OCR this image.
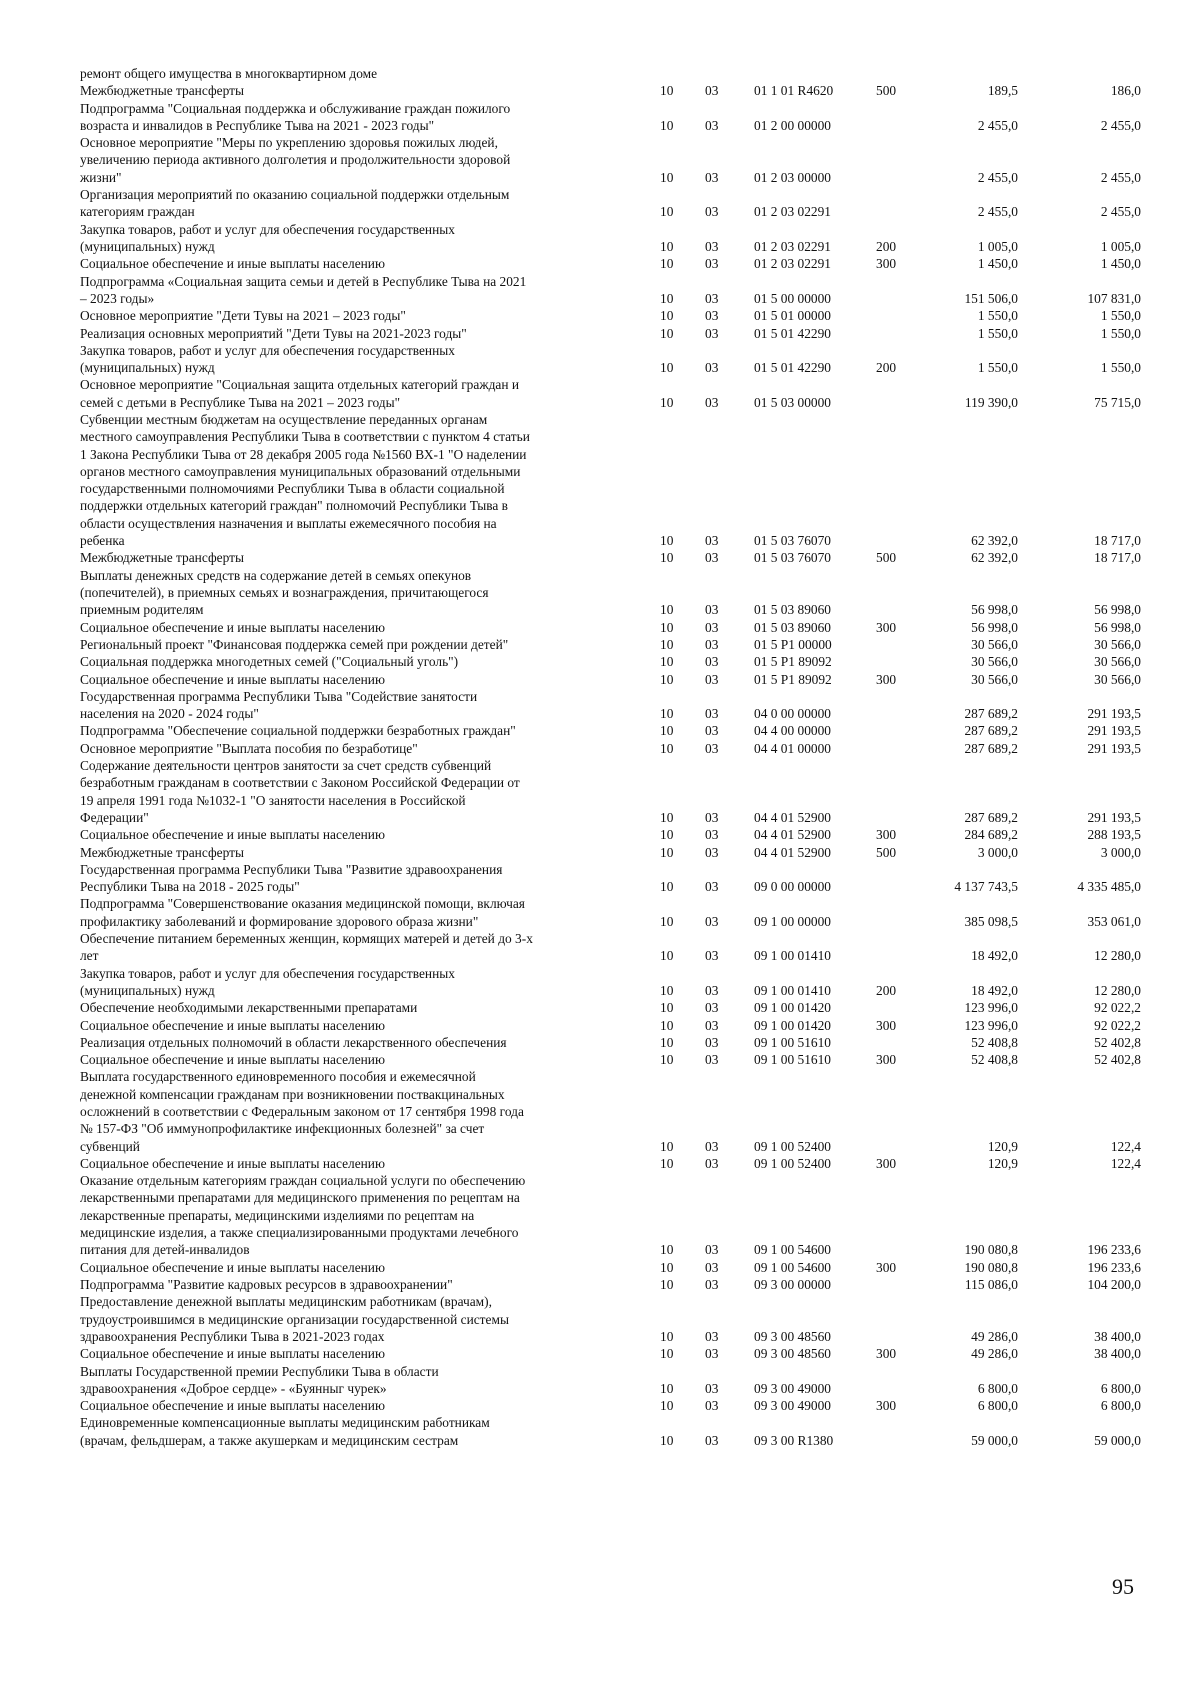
ремонт общего имущества в многоквартирном доме
Межбюджетные трансферты	10 03	01 1 01 R4620	500	189,5	186,0
Подпрограмма "Социальная поддержка и обслуживание граждан пожилого
возраста и инвалидов в Республике Тыва на 2021 - 2023 годы"	10 03	01 2 00 00000	2 455,0	2 455,0
Основное мероприятие "Меры по укреплению здоровья пожилых людей,
увеличению периода активного долголетия и продолжительности здоровой
жизни"	10 03	01 2 03 00000	2 455,0	2 455,0
Организация мероприятий по оказанию социальной поддержки отдельным
категориям граждан	10 03	01 2 03 02291	2 455,0	2 455,0
Закупка товаров, работ и услуг для обеспечения государственных
(муниципальных) нужд	10 03	01 2 03 02291	200	1 005,0	1 005,0
Социальное обеспечение и иные выплаты населению	10 03	01 2 03 02291	300	1 450,0	1 450,0
Подпрограмма «Социальная защита семьи и детей в Республике Тыва на 2021
– 2023 годы»	10 03	01 5 00 00000	151 506,0	107 831,0
Основное мероприятие "Дети Тувы на 2021 – 2023 годы"	10 03	01 5 01 00000	1 550,0	1 550,0
Реализация основных мероприятий "Дети Тувы на 2021-2023 годы"	10 03	01 5 01 42290	1 550,0	1 550,0
Закупка товаров, работ и услуг для обеспечения государственных
(муниципальных) нужд	10 03	01 5 01 42290	200	1 550,0	1 550,0
Основное мероприятие "Социальная защита отдельных категорий граждан и
семей с детьми в Республике Тыва на 2021 – 2023 годы"	10 03	01 5 03 00000	119 390,0	75 715,0
Субвенции местным бюджетам на осуществление переданных органам
местного самоуправления Республики Тыва в соответствии с пунктом 4 статьи
1 Закона Республики Тыва от 28 декабря 2005 года №1560 ВХ-1 "О наделении
органов местного самоуправления муниципальных образований отдельными
государственными полномочиями Республики Тыва в области социальной
поддержки отдельных категорий граждан" полномочий Республики Тыва в
области осуществления назначения и выплаты ежемесячного пособия на
ребенка	10 03	01 5 03 76070	62 392,0	18 717,0
Межбюджетные трансферты	10 03	01 5 03 76070	500	62 392,0	18 717,0
Выплаты денежных средств на содержание детей в семьях опекунов
(попечителей), в приемных семьях и вознаграждения, причитающегося
приемным родителям	10 03	01 5 03 89060	56 998,0	56 998,0
Социальное обеспечение и иные выплаты населению	10 03	01 5 03 89060	300	56 998,0	56 998,0
Региональный проект "Финансовая поддержка семей при рождении детей"	10 03	01 5 P1 00000	30 566,0	30 566,0
Социальная поддержка многодетных семей ("Социальный уголь")	10 03	01 5 P1 89092	30 566,0	30 566,0
Социальное обеспечение и иные выплаты населению	10 03	01 5 P1 89092	300	30 566,0	30 566,0
Государственная программа Республики Тыва "Содействие занятости
населения на 2020 - 2024 годы"	10 03	04 0 00 00000	287 689,2	291 193,5
Подпрограмма "Обеспечение социальной поддержки безработных граждан"	10 03	04 4 00 00000	287 689,2	291 193,5
Основное мероприятие "Выплата пособия по безработице"	10 03	04 4 01 00000	287 689,2	291 193,5
Содержание деятельности центров занятости за счет средств субвенций
безработным гражданам в соответствии с Законом Российской Федерации от
19 апреля 1991 года №1032-1 "О занятости населения в Российской
Федерации"	10 03	04 4 01 52900	287 689,2	291 193,5
Социальное обеспечение и иные выплаты населению	10 03	04 4 01 52900	300	284 689,2	288 193,5
Межбюджетные трансферты	10 03	04 4 01 52900	500	3 000,0	3 000,0
Государственная программа Республики Тыва "Развитие здравоохранения
Республики Тыва на 2018 - 2025 годы"	10 03	09 0 00 00000	4 137 743,5	4 335 485,0
Подпрограмма "Совершенствование оказания медицинской помощи, включая
профилактику заболеваний и формирование здорового образа жизни"	10 03	09 1 00 00000	385 098,5	353 061,0
Обеспечение питанием беременных женщин, кормящих матерей и детей до 3-х
лет	10 03	09 1 00 01410	18 492,0	12 280,0
Закупка товаров, работ и услуг для обеспечения государственных
(муниципальных) нужд	10 03	09 1 00 01410	200	18 492,0	12 280,0
Обеспечение необходимыми лекарственными препаратами	10 03	09 1 00 01420	123 996,0	92 022,2
Социальное обеспечение и иные выплаты населению	10 03	09 1 00 01420	300	123 996,0	92 022,2
Реализация отдельных полномочий в области лекарственного обеспечения	10 03	09 1 00 51610	52 408,8	52 402,8
Социальное обеспечение и иные выплаты населению	10 03	09 1 00 51610	300	52 408,8	52 402,8
Выплата государственного единовременного пособия и ежемесячной
денежной компенсации гражданам при возникновении поствакцинальных
осложнений в соответствии с Федеральным законом от 17 сентября 1998 года
№ 157-ФЗ "Об иммунопрофилактике инфекционных болезней" за счет
субвенций	10 03	09 1 00 52400	120,9	122,4
Социальное обеспечение и иные выплаты населению	10 03	09 1 00 52400	300	120,9	122,4
Оказание отдельным категориям граждан социальной услуги по обеспечению
лекарственными препаратами для медицинского применения по рецептам на
лекарственные препараты, медицинскими изделиями по рецептам на
медицинские изделия, а также специализированными продуктами лечебного
питания для детей-инвалидов	10 03	09 1 00 54600	190 080,8	196 233,6
Социальное обеспечение и иные выплаты населению	10 03	09 1 00 54600	300	190 080,8	196 233,6
Подпрограмма "Развитие кадровых ресурсов в здравоохранении"	10 03	09 3 00 00000	115 086,0	104 200,0
Предоставление денежной выплаты медицинским работникам (врачам),
трудоустроившимся в медицинские организации государственной системы
здравоохранения Республики Тыва в 2021-2023 годах	10 03	09 3 00 48560	49 286,0	38 400,0
Социальное обеспечение и иные выплаты населению	10 03	09 3 00 48560	300	49 286,0	38 400,0
Выплаты Государственной премии Республики Тыва в области
здравоохранения «Доброе сердце» - «Буянныг чурек»	10 03	09 3 00 49000	6 800,0	6 800,0
Социальное обеспечение и иные выплаты населению	10 03	09 3 00 49000	300	6 800,0	6 800,0
Единовременные компенсационные выплаты медицинским работникам
(врачам, фельдшерам, а также акушеркам и медицинским сестрам	10 03	09 3 00 R1380	59 000,0	59 000,0
95
